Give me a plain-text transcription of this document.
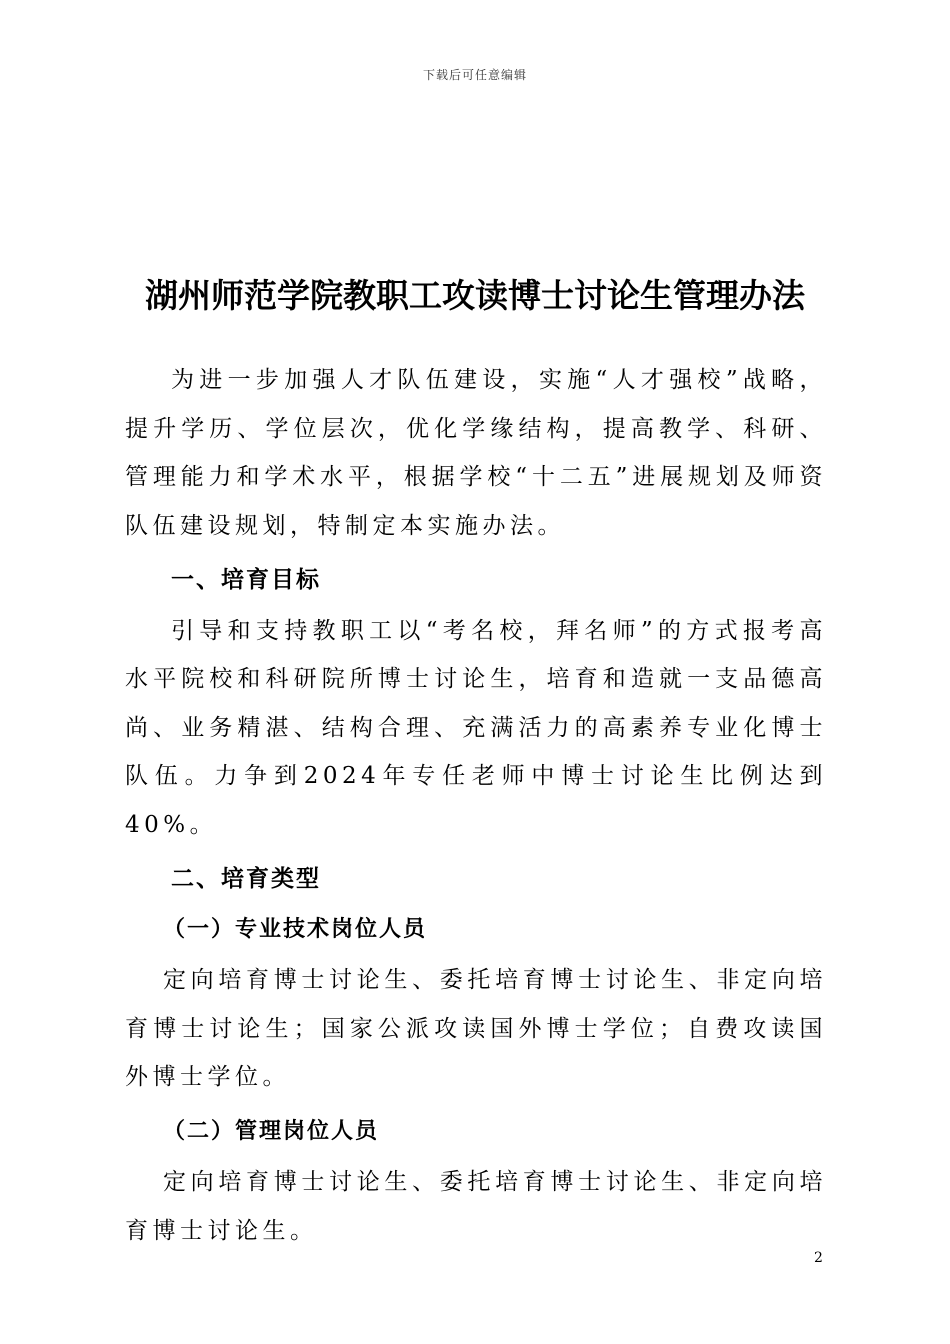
下载后可任意编辑
湖州师范学院教职工攻读博士讨论生管理办法

为进一步加强人才队伍建设，实施“人才强校”战略，提升学历、学位层次，优化学缘结构，提高教学、科研、管理能力和学术水平，根据学校“十二五”进展规划及师资队伍建设规划，特制定本实施办法。

一、培育目标

引导和支持教职工以“考名校，拜名师”的方式报考高水平院校和科研院所博士讨论生，培育和造就一支品德高尚、业务精湛、结构合理、充满活力的高素养专业化博士队伍。力争到2024年专任老师中博士讨论生比例达到40%。

二、培育类型
（一）专业技术岗位人员

定向培育博士讨论生、委托培育博士讨论生、非定向培育博士讨论生；国家公派攻读国外博士学位；自费攻读国外博士学位。

（二）管理岗位人员

定向培育博士讨论生、委托培育博士讨论生、非定向培育博士讨论生。

2
